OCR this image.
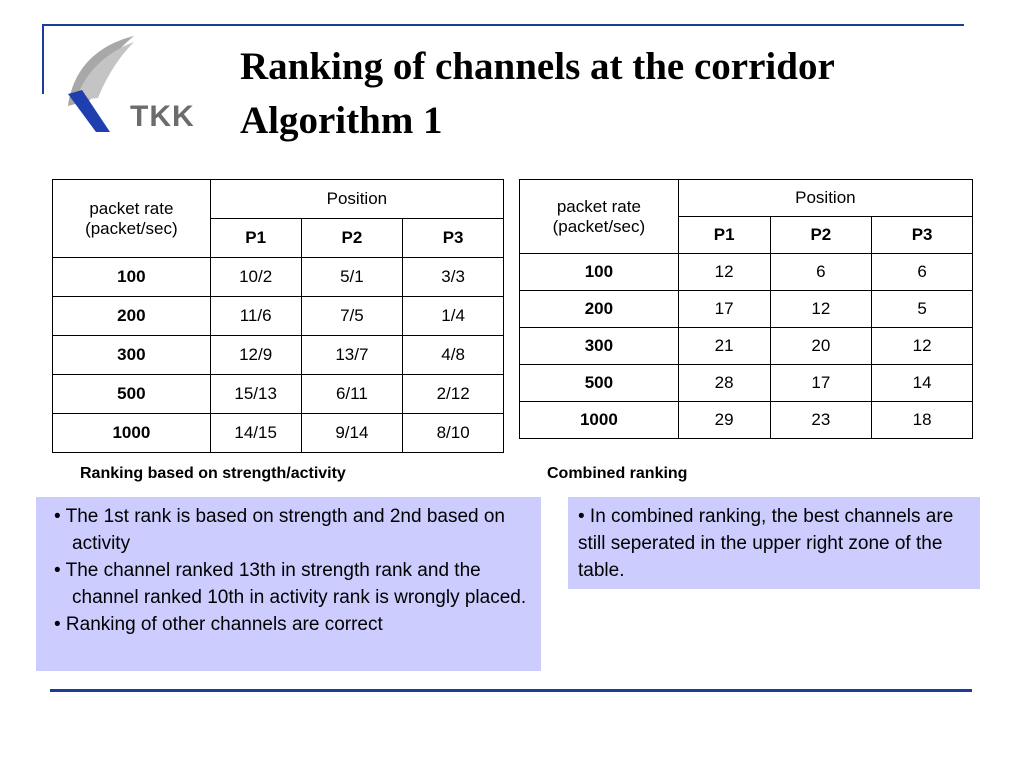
TKK
Ranking of channels at the corridor
Algorithm 1
packet rate (packet/sec)	Position		
	P1	P2	P3
100	10/2	5/1	3/3
200	11/6	7/5	1/4
300	12/9	13/7	4/8
500	15/13	6/11	2/12
1000	14/15	9/14	8/10
packet rate (packet/sec)	Position		
	P1	P2	P3
100	12	6	6
200	17	12	5
300	21	20	12
500	28	17	14
1000	29	23	18
Ranking based on strength/activity	Combined ranking
• The 1st rank is based on strength and 2nd based on activity
• The channel ranked 13th in strength rank and the channel ranked 10th in activity rank is wrongly placed.
• Ranking of other channels are correct
• In combined ranking, the best channels are still seperated in the upper right zone of the table.
